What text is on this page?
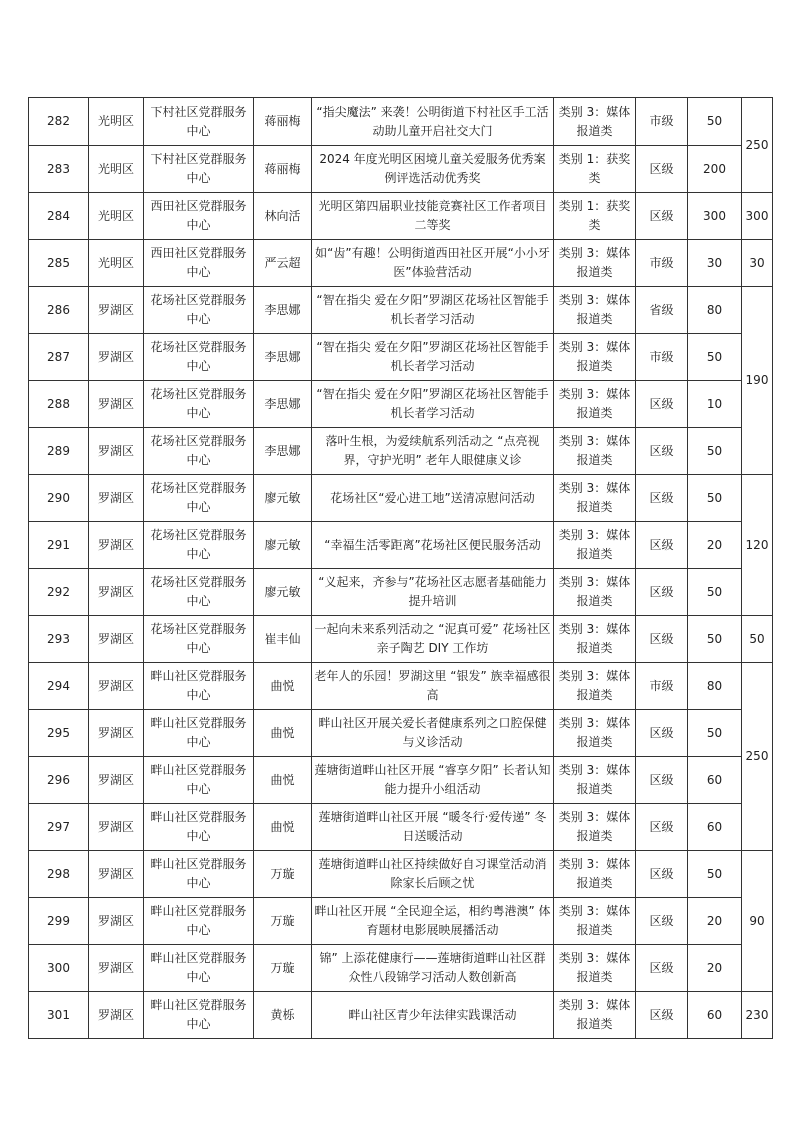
282	光明区	下村社区党群服务中心	蒋丽梅	“指尖魔法” 来袭！公明街道下村社区手工活动助儿童开启社交大门	类别 3：媒体报道类	市级	50	250
283	光明区	下村社区党群服务中心	蒋丽梅	2024 年度光明区困境儿童关爱服务优秀案例评选活动优秀奖	类别 1：获奖类	区级	200	
284	光明区	西田社区党群服务中心	林向活	光明区第四届职业技能竞赛社区工作者项目二等奖	类别 1：获奖类	区级	300	300
285	光明区	西田社区党群服务中心	严云超	如“齿”有趣！公明街道西田社区开展“小小牙医”体验营活动	类别 3：媒体报道类	市级	30	30
286	罗湖区	花场社区党群服务中心	李思娜	“智在指尖 爱在夕阳”罗湖区花场社区智能手机长者学习活动	类别 3：媒体报道类	省级	80	190
287	罗湖区	花场社区党群服务中心	李思娜	“智在指尖 爱在夕阳”罗湖区花场社区智能手机长者学习活动	类别 3：媒体报道类	市级	50	
288	罗湖区	花场社区党群服务中心	李思娜	“智在指尖 爱在夕阳”罗湖区花场社区智能手机长者学习活动	类别 3：媒体报道类	区级	10	
289	罗湖区	花场社区党群服务中心	李思娜	落叶生根，为爱续航系列活动之 “点亮视界，守护光明” 老年人眼健康义诊	类别 3：媒体报道类	区级	50	
290	罗湖区	花场社区党群服务中心	廖元敏	花场社区“爱心进工地”送清凉慰问活动	类别 3：媒体报道类	区级	50	120
291	罗湖区	花场社区党群服务中心	廖元敏	“幸福生活零距离”花场社区便民服务活动	类别 3：媒体报道类	区级	20	
292	罗湖区	花场社区党群服务中心	廖元敏	“义起来，齐参与”花场社区志愿者基础能力提升培训	类别 3：媒体报道类	区级	50	
293	罗湖区	花场社区党群服务中心	崔丰仙	一起向未来系列活动之 “泥真可爱” 花场社区亲子陶艺 DIY 工作坊	类别 3：媒体报道类	区级	50	50
294	罗湖区	畔山社区党群服务中心	曲悦	老年人的乐园！罗湖这里 “银发” 族幸福感很高	类别 3：媒体报道类	市级	80	250
295	罗湖区	畔山社区党群服务中心	曲悦	畔山社区开展关爱长者健康系列之口腔保健与义诊活动	类别 3：媒体报道类	区级	50	
296	罗湖区	畔山社区党群服务中心	曲悦	莲塘街道畔山社区开展 “睿享夕阳” 长者认知能力提升小组活动	类别 3：媒体报道类	区级	60	
297	罗湖区	畔山社区党群服务中心	曲悦	莲塘街道畔山社区开展 “暖冬行·爱传递” 冬日送暖活动	类别 3：媒体报道类	区级	60	
298	罗湖区	畔山社区党群服务中心	万璇	莲塘街道畔山社区持续做好自习课堂活动消除家长后顾之忧	类别 3：媒体报道类	区级	50	90
299	罗湖区	畔山社区党群服务中心	万璇	畔山社区开展 “全民迎全运，相约粤港澳” 体育题材电影展映展播活动	类别 3：媒体报道类	区级	20	
300	罗湖区	畔山社区党群服务中心	万璇	锦” 上添花健康行——莲塘街道畔山社区群众性八段锦学习活动人数创新高	类别 3：媒体报道类	区级	20	
301	罗湖区	畔山社区党群服务中心	黄栎	畔山社区青少年法律实践课活动	类别 3：媒体报道类	区级	60	230
